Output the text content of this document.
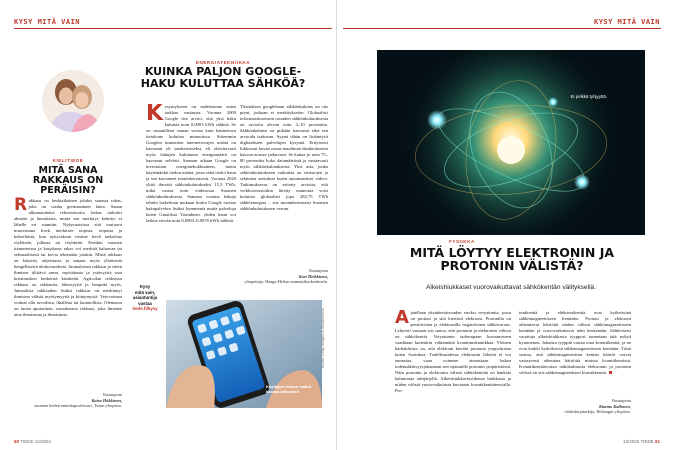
KYSY MITÄ VAIN
KIELITIEDE
MITÄ SANA RAKKAUS ON PERÄISIN?
Rakkaus on keskiaikainen johdos sanasta rakas, joka on vanha germaaninen laina. Sanan alkumuodoksi rekonstruoitu frakaz tarkoitti ahnetta ja himokasta, mutta sen merkitys kehittyi ei lähelle eri suuntiin. Nykyruotsissa sitä vastaava murreasana frack merkitsee nopeaa, reipasta ja kekseliästä, kun nykysaksan vastine frech tarkoittaa röyhkeää, julkeaa tai röyhkeää. Etenkin suomen itämurteissa ja karjalassa rakas voi merkitä haluavaa tai seksuaalisesti tai kovia tekemään jotakin. Mistä rakkaus on käytetty ohjeistusta ja sanaan myös ylhäisestä hengellisestä ulottuvuudesta. Juumalaisen rakkaus ja sitten ihmisen tilittävä armo, myötätunto ja ystävyyttä osat kristinuskon keskeisiä käsitteitä. Agricolan teoksissa rakkaus on rakkautta, läheisyyttä ja lempeää myös. Jumaalista rakkauden lisäksi rakkaus on merkinnyt ihmisten välistä myötymyyttä ja kiintymystä. Vetovoimaa voimat olla arvoilista, lihallista tai luonnollista. Olemassa on tuona aputarinen, varaukseton rakkaus, joka ilmenee aina ilmaistuna ja ilmaistuna.
Vastaajana
Kaisa Häkkinen,
suomen kielen emeritaprofessori, Turun yliopisto.
ENERGIATEKNIIKKA
KUINKA PALJON GOOGLE-HAKU KULUTTAA SÄHKÖÄ?
Kysymykseen on mahdotonta antaa tarkkaa vastausta. Vuonna 2009 Google itse arvioi, että yksi haku kuluttaa noin 0,0003 kWh sähköä. Se on suunnilleen saman verran kuin kannettava tietokone kuluttaa minuutissa. Sittemmin Googlen tuntemien internetsivujen määrä on kasvanut yli satakertaiseksi, eli oletettavasti myös hakujen kuluttama energiamäärä on kasvanut selvästi. Samaan aikaan Google on investoinut energiatehokkuuteen, mutta käytetäänkö tiedon määrä, joten sekä tiedot haun ja sen kasvaneet moninkertaisesti. Vuonna 2020 yhtiö ilmoitti sähkönkulutukseksi 15,5 TWh, mikä vastaa noin viidesosaa Suomen sähkönkulutuksesta. Samana vuonna hakuja tehtiin laskelman mukaan koska Google tuottaa hakupalvelun lisäksi kymmeniä muita palveluja kuten Gmailista Youtubeen, yhden haun voi laskea vievän noin 0,0003–0,0076 kWh sähköä.
Yksittäisen googlehaun sähkönkulutus on siis pieni, joskaan ei merkityksetön. Globaalisti informaatioseturin osuuden sähkönkulutuksesta on arvioitu olevan noin 4–10 prosenttia. Sähkönkulutus on pitkään kasvanut eikä sen arvioida taittuvan. Syynä tähän on lisääntyvä digitaalisten palvelujen kysyntä. Erityisesti liikkuvan kuvan osuus maailman datakeskusten kasvua nousee jatkuvasti. Se kattaa jo noin 75–80 prosenttia koko datamäärästä ja vastaavasti myös sähkönkulutuksesta. Yksi asia, jonka sähkönkulutukseen vaikuttaa on sivustojen ja selainten asetukset kuten automaattiset videot. Tutkimuksessa on esitetty arvioita, että verkkosivustoihin liitetty mainonta voisi kuluttaa globaalisti jopa 282,75 TWh sähköenergiaa – siis moninkertaisesti Suomen sähkönkulutukseen verran.
Vastaajana
Kari Heikkinen,
yliopettaja, Haaga-Helian ammattikorkeakoulu.
Kysy
mitä vain,
asiantuntija
vastaa
tiede.fi/kysy
Käyttäjien tiedon määrä kasvaa jatkuvasti
Kuvat: Getty Images & Shutterstock
60 TIEDE 12/2022
KYSY MITÄ VAIN
Ei pelkkä tyhjyyttä.
FYSIIKKA
MITÄ LÖYTYY ELEKTRONIN JA PROTONIN VÄLISTÄ?
Alkeishiukkaset vuorovaikuttavat sähkökentän välityksellä.
Ajatellaan yksinkertaisuuden vuoksi vetyatomia, jossa on protoni ja sitä kiertävä elektroni. Protonilla on positiivinen ja elektronilla negatiivinen sähkövaraus. Lyhyesti vastaan siis sanoa, että protonin ja elektronin välissä on sähkökenttä. Vetyatomin tarkempaan kuvaamiseen vaaditaan kuitenkin välttämättä kvanttimekaniikkaa. Yleinen harhakäsitys on, että elektroni kiertää protonia ympyrärataa kuten Aurinkoa. Todellisuudessa elektronin liikettä ei voi ennustaa, vaan voimme ainoastaan laskea todennäköisyysjakauman sen sijainnille protonin ympäristössä. Näin protonin ja elektronin välistä sähkökenttää on hankala hahmottaa arkijärjellä. Alkeishiukkasfysiikassa hiukkasia ja niiden välistä vuorovaikutusta kuvataan kvanttikenttäteorialla. Pro-
tonikenttä ja elektronikenttä ovat kytkettyinä sähkömagneettiseen kenttään. Protoni ja elektroni aiheuttavat häiriöitä niiden välissä sähkömagneettiseen kenttään ja vuorovaikuttavat näin keskenään. Sähköisesti varattuja alkeishiukkasia tyypposi tunnetaan tätä nykyä kymmenen. Jokaista tyyppiä vastaa oma kvanttikenttä, ja ne ovat kaikki kytköksissä sähkömagneettiseen kenttään. Tästä seuraa, että sähkömagneettisen kentän häiriöt voivat vastaavasti aiheuttaa häiriöitä muissa kvanttikentissä. Kvanttikenttäteorian näkökulmasta elektronin ja protonin välissä on siis sähkömagneettisen kvanttikenttä.
Vastaajana
Kimmo Kallonen,
väitöskirjatutkija, Helsingin yliopisto.
12/2022 TIEDE 61
